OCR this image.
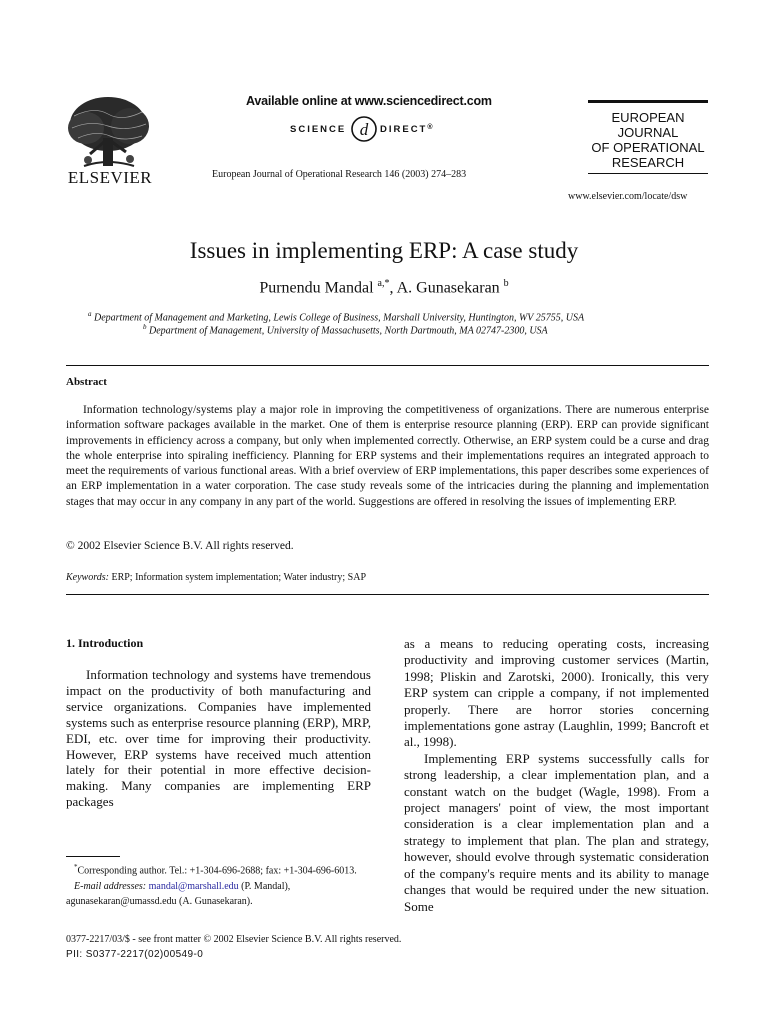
ELSEVIER
Available online at www.sciencedirect.com
SCIENCE d DIRECT®
European Journal of Operational Research 146 (2003) 274–283
EUROPEAN
JOURNAL
OF OPERATIONAL
RESEARCH
www.elsevier.com/locate/dsw
Issues in implementing ERP: A case study
Purnendu Mandal $^{a,*}$, A. Gunasekaran $^b$
$^a$ Department of Management and Marketing, Lewis College of Business, Marshall University, Huntington, WV 25755, USA
$^b$ Department of Management, University of Massachusetts, North Dartmouth, MA 02747-2300, USA
Abstract
Information technology/systems play a major role in improving the competitiveness of organizations. There are numerous enterprise information software packages available in the market. One of them is enterprise resource planning (ERP). ERP can provide significant improvements in efficiency across a company, but only when implemented correctly. Otherwise, an ERP system could be a curse and drag the whole enterprise into spiraling inefficiency. Planning for ERP systems and their implementations requires an integrated approach to meet the requirements of various functional areas. With a brief overview of ERP implementations, this paper describes some experiences of an ERP implementation in a water corporation. The case study reveals some of the intricacies during the planning and implementation stages that may occur in any company in any part of the world. Suggestions are offered in resolving the issues of implementing ERP.
© 2002 Elsevier Science B.V. All rights reserved.
Keywords: ERP; Information system implementation; Water industry; SAP
1. Introduction
Information technology and systems have tremendous impact on the productivity of both manufacturing and service organizations. Companies have implemented systems such as enterprise resource planning (ERP), MRP, EDI, etc. over time for improving their productivity. However, ERP systems have received much attention lately for their potential in more effective decision-making. Many companies are implementing ERP packages

as a means to reducing operating costs, increasing productivity and improving customer services (Martin, 1998; Pliskin and Zarotski, 2000). Ironically, this very ERP system can cripple a company, if not implemented properly. There are horror stories concerning implementations gone astray (Laughlin, 1999; Bancroft et al., 1998).

Implementing ERP systems successfully calls for strong leadership, a clear implementation plan, and a constant watch on the budget (Wagle, 1998). From a project managers' point of view, the most important consideration is a clear implementation plan and a strategy to implement that plan. The plan and strategy, however, should evolve through systematic consideration of the company's require ments and its ability to manage changes that would be required under the new situation. Some

*Corresponding author. Tel.: +1-304-696-2688; fax: +1-304-696-6013.
E-mail addresses: mandal@marshall.edu (P. Mandal), agunasekaran@umassd.edu (A. Gunasekaran).
0377-2217/03/$ - see front matter © 2002 Elsevier Science B.V. All rights reserved.
PII: S0377-2217(02)00549-0
